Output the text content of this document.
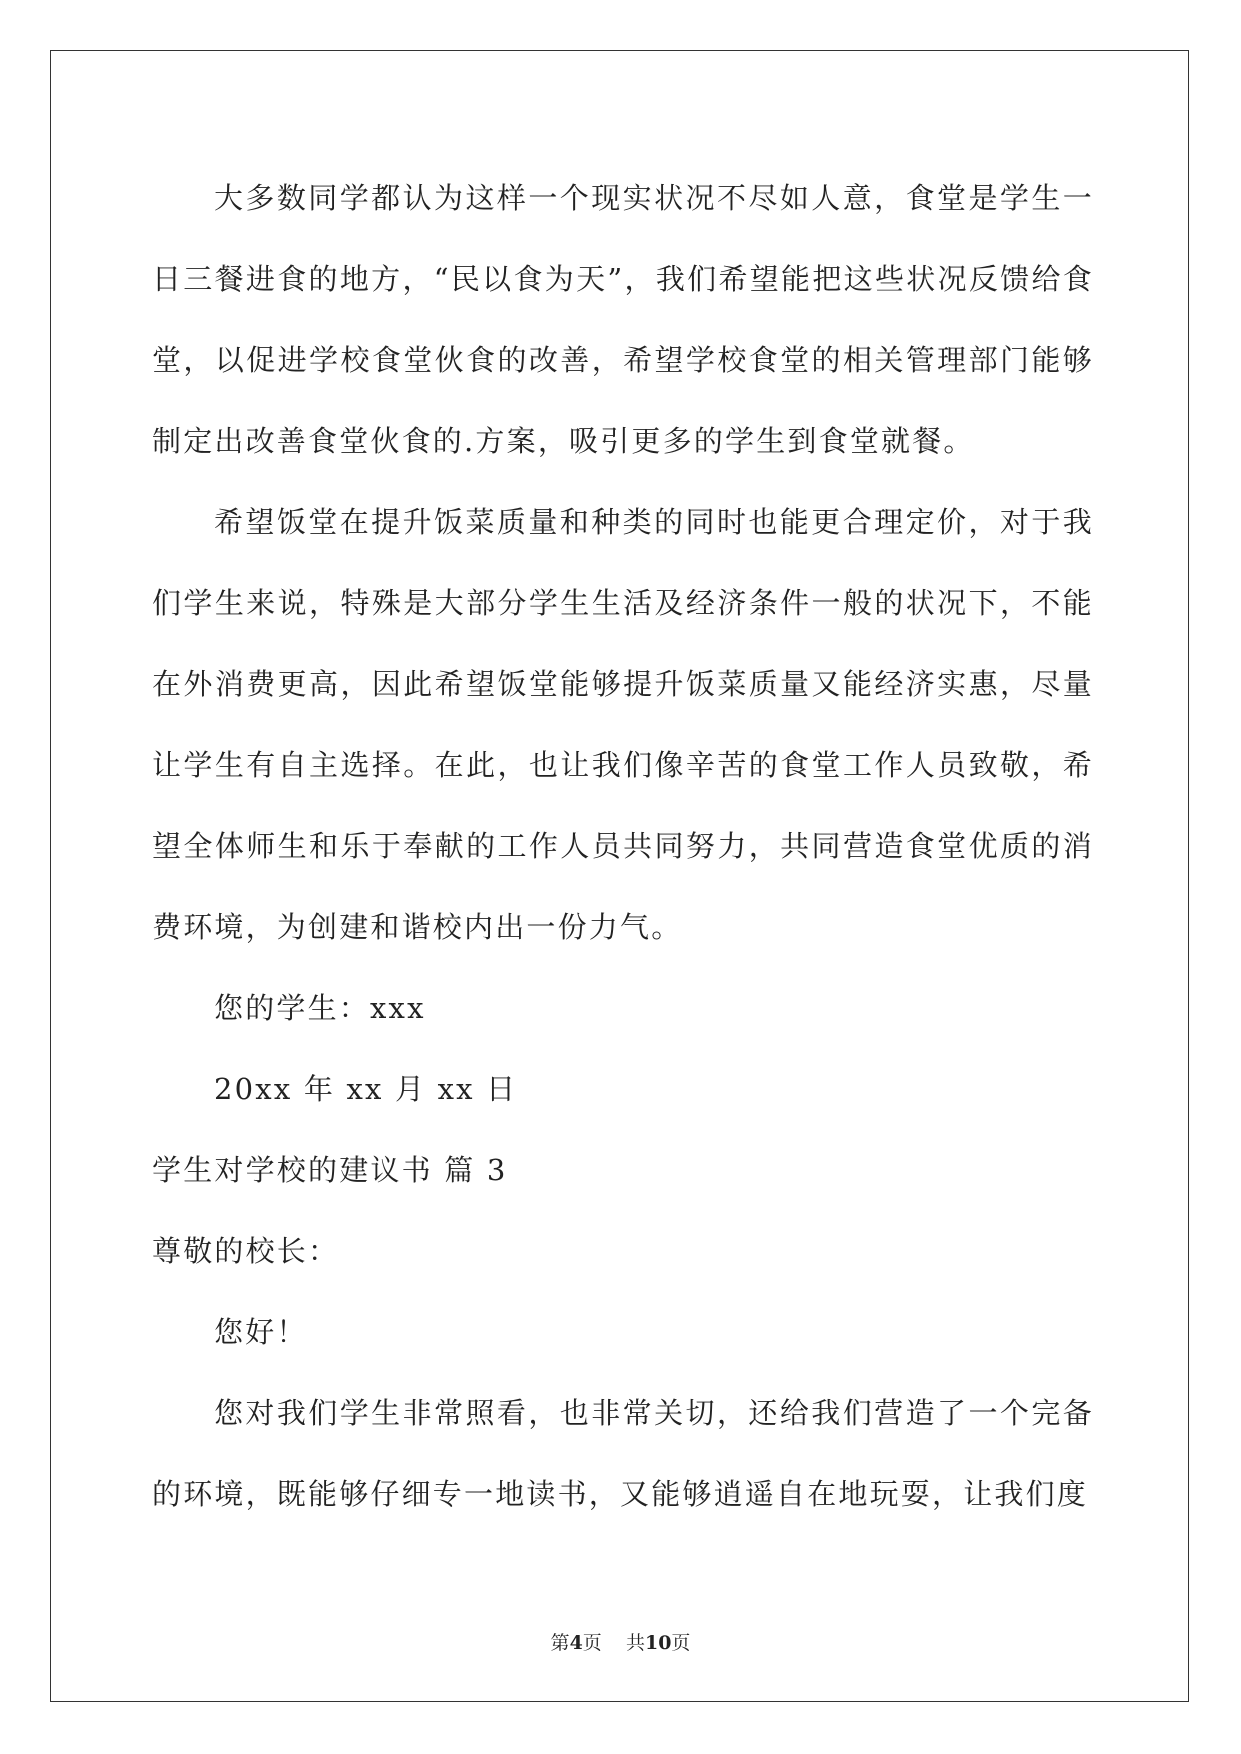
大多数同学都认为这样一个现实状况不尽如人意，食堂是学生一日三餐进食的地方，“民以食为天”，我们希望能把这些状况反馈给食堂，以促进学校食堂伙食的改善，希望学校食堂的相关管理部门能够制定出改善食堂伙食的.方案，吸引更多的学生到食堂就餐。

希望饭堂在提升饭菜质量和种类的同时也能更合理定价，对于我们学生来说，特殊是大部分学生生活及经济条件一般的状况下，不能在外消费更高，因此希望饭堂能够提升饭菜质量又能经济实惠，尽量让学生有自主选择。在此，也让我们像辛苦的食堂工作人员致敬，希望全体师生和乐于奉献的工作人员共同努力，共同营造食堂优质的消费环境，为创建和谐校内出一份力气。

您的学生：xxx

20xx 年 xx 月 xx 日

学生对学校的建议书 篇 3

尊敬的校长：

您好！

您对我们学生非常照看，也非常关切，还给我们营造了一个完备的环境，既能够仔细专一地读书，又能够逍遥自在地玩耍，让我们度

第4页    共10页
